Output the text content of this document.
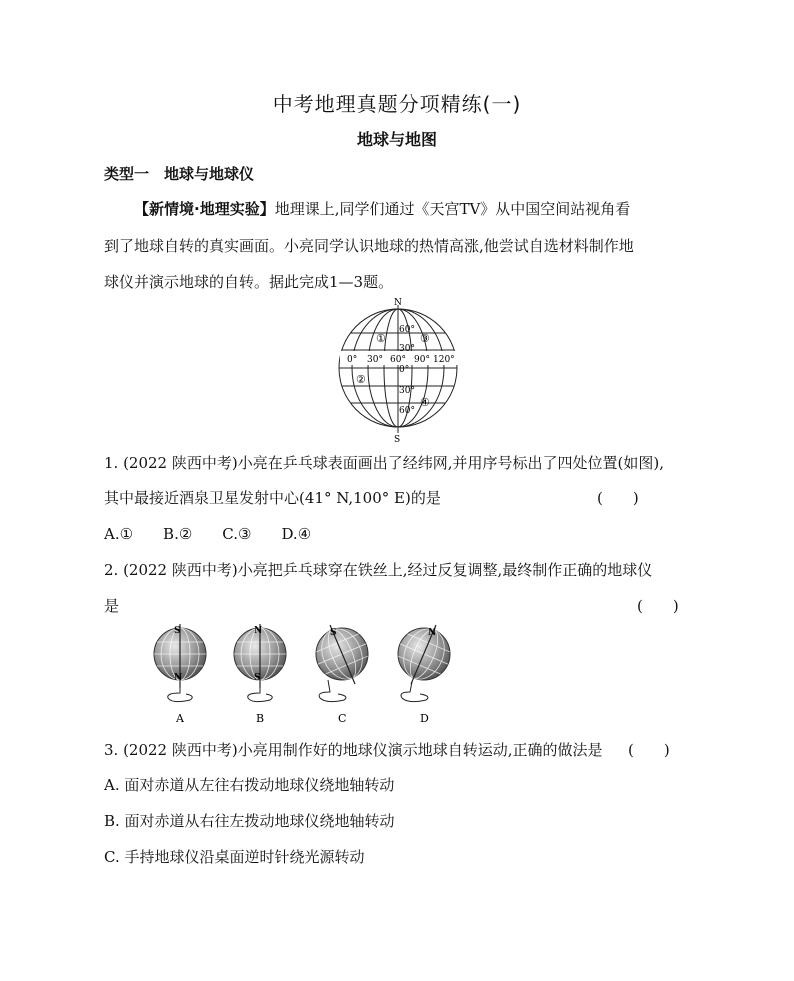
中考地理真题分项精练(一)
地球与地图
类型一　地球与地球仪
【新情境·地理实验】地理课上,同学们通过《天宫TV》从中国空间站视角看
到了地球自转的真实画面。小亮同学认识地球的热情高涨,他尝试自选材料制作地
球仪并演示地球的自转。据此完成1—3题。
N
S
60°
30°
0°
30°
60°
0° 30° 60° 90° 120°
①
②
③
④
1. (2022 陕西中考)小亮在乒乓球表面画出了经纬网,并用序号标出了四处位置(如图),
其中最接近酒泉卫星发射中心(41° N,100° E)的是	(　　)
A.①　　B.②　　C.③　　D.④
2. (2022 陕西中考)小亮把乒乓球穿在铁丝上,经过反复调整,最终制作正确的地球仪
是	(　　)
S
N
A
N
S
B
S
C
N
D
3. (2022 陕西中考)小亮用制作好的地球仪演示地球自转运动,正确的做法是 (　　)
A. 面对赤道从左往右拨动地球仪绕地轴转动
B. 面对赤道从右往左拨动地球仪绕地轴转动
C. 手持地球仪沿桌面逆时针绕光源转动
